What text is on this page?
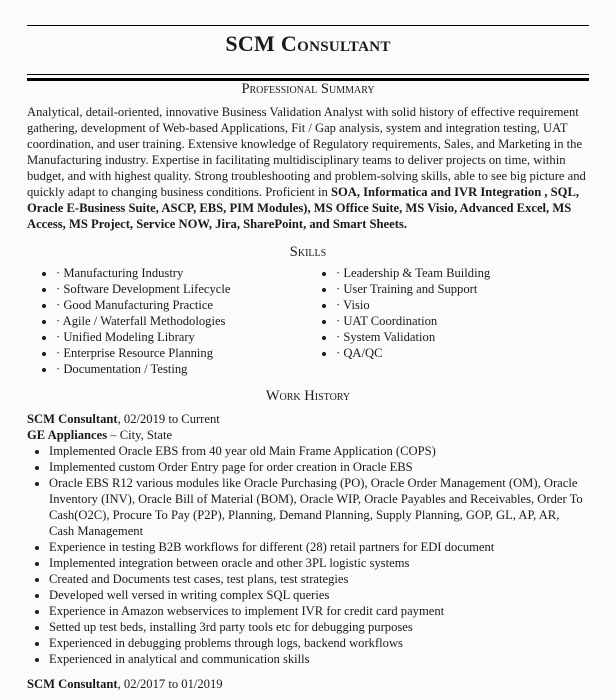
SCM Consultant
Professional Summary
Analytical, detail-oriented, innovative Business Validation Analyst with solid history of effective requirement gathering, development of Web-based Applications, Fit / Gap analysis, system and integration testing, UAT coordination, and user training. Extensive knowledge of Regulatory requirements, Sales, and Marketing in the Manufacturing industry. Expertise in facilitating multidisciplinary teams to deliver projects on time, within budget, and with highest quality. Strong troubleshooting and problem-solving skills, able to see big picture and quickly adapt to changing business conditions. Proficient in SOA, Informatica and IVR Integration , SQL, Oracle E-Business Suite, ASCP, EBS, PIM Modules), MS Office Suite, MS Visio, Advanced Excel, MS Access, MS Project, Service NOW, Jira, SharePoint, and Smart Sheets.
Skills
• · Manufacturing Industry
• · Software Development Lifecycle
• · Good Manufacturing Practice
• · Agile / Waterfall Methodologies
• · Unified Modeling Library
• · Enterprise Resource Planning
• · Documentation / Testing
• · Leadership & Team Building
• · User Training and Support
• · Visio
• · UAT Coordination
• · System Validation
• · QA/QC
Work History
SCM Consultant, 02/2019 to Current
GE Appliances – City, State
• Implemented Oracle EBS from 40 year old Main Frame Application (COPS)
• Implemented custom Order Entry page for order creation in Oracle EBS
• Oracle EBS R12 various modules like Oracle Purchasing (PO), Oracle Order Management (OM), Oracle Inventory (INV), Oracle Bill of Material (BOM), Oracle WIP, Oracle Payables and Receivables, Order To Cash(O2C), Procure To Pay (P2P), Planning, Demand Planning, Supply Planning, GOP, GL, AP, AR, Cash Management
• Experience in testing B2B workflows for different (28) retail partners for EDI document
• Implemented integration between oracle and other 3PL logistic systems
• Created and Documents test cases, test plans, test strategies
• Developed well versed in writing complex SQL queries
• Experience in Amazon webservices to implement IVR for credit card payment
• Setted up test beds, installing 3rd party tools etc for debugging purposes
• Experienced in debugging problems through logs, backend workflows
• Experienced in analytical and communication skills
SCM Consultant, 02/2017 to 01/2019
